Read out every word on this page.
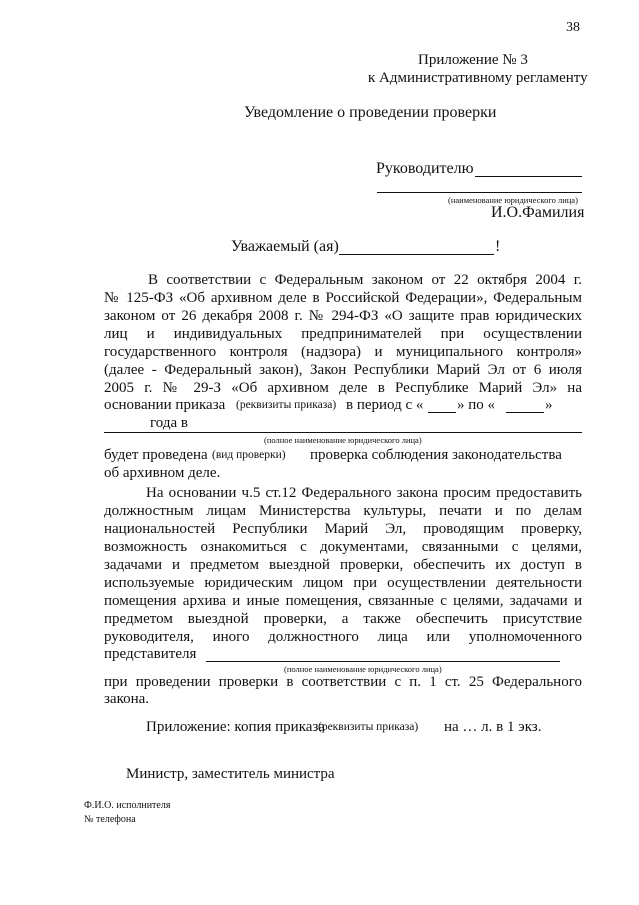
38
Приложение № 3
к Административному регламенту
Уведомление о проведении проверки
Руководителю
(наименование юридического лица)
И.О.Фамилия
Уважаемый (ая)	!
В соответствии с Федеральным законом от 22 октября 2004 г.
№ 125-ФЗ «Об архивном деле в Российской Федерации», Федеральным
законом от 26 декабря 2008 г. № 294-ФЗ «О защите прав юридических
лиц и индивидуальных предпринимателей при осуществлении
государственного контроля (надзора) и муниципального контроля»
(далее - Федеральный закон), Закон Республики Марий Эл от 6 июля
2005 г. № 29-З «Об архивном деле в Республике Марий Эл» на
основании приказа (реквизиты приказа) в период с « » по «	»
года в
(полное наименование юридического лица)
будет проведена (вид проверки) проверка соблюдения законодательства
об архивном деле.
На основании ч.5 ст.12 Федерального закона просим предоставить
должностным лицам Министерства культуры, печати и по делам
национальностей Республики Марий Эл, проводящим проверку,
возможность ознакомиться с документами, связанными с целями,
задачами и предметом выездной проверки, обеспечить их доступ в
используемые юридическим лицом при осуществлении деятельности
помещения архива и иные помещения, связанные с целями, задачами и
предметом выездной проверки, а также обеспечить присутствие
руководителя, иного должностного лица или уполномоченного
представителя
(полное наименование юридического лица)
при проведении проверки в соответствии с п. 1 ст. 25 Федерального
закона.
Приложение: копия приказа
(реквизиты приказа) на … л. в 1 экз.
Министр, заместитель министра
Ф.И.О. исполнителя
№ телефона
